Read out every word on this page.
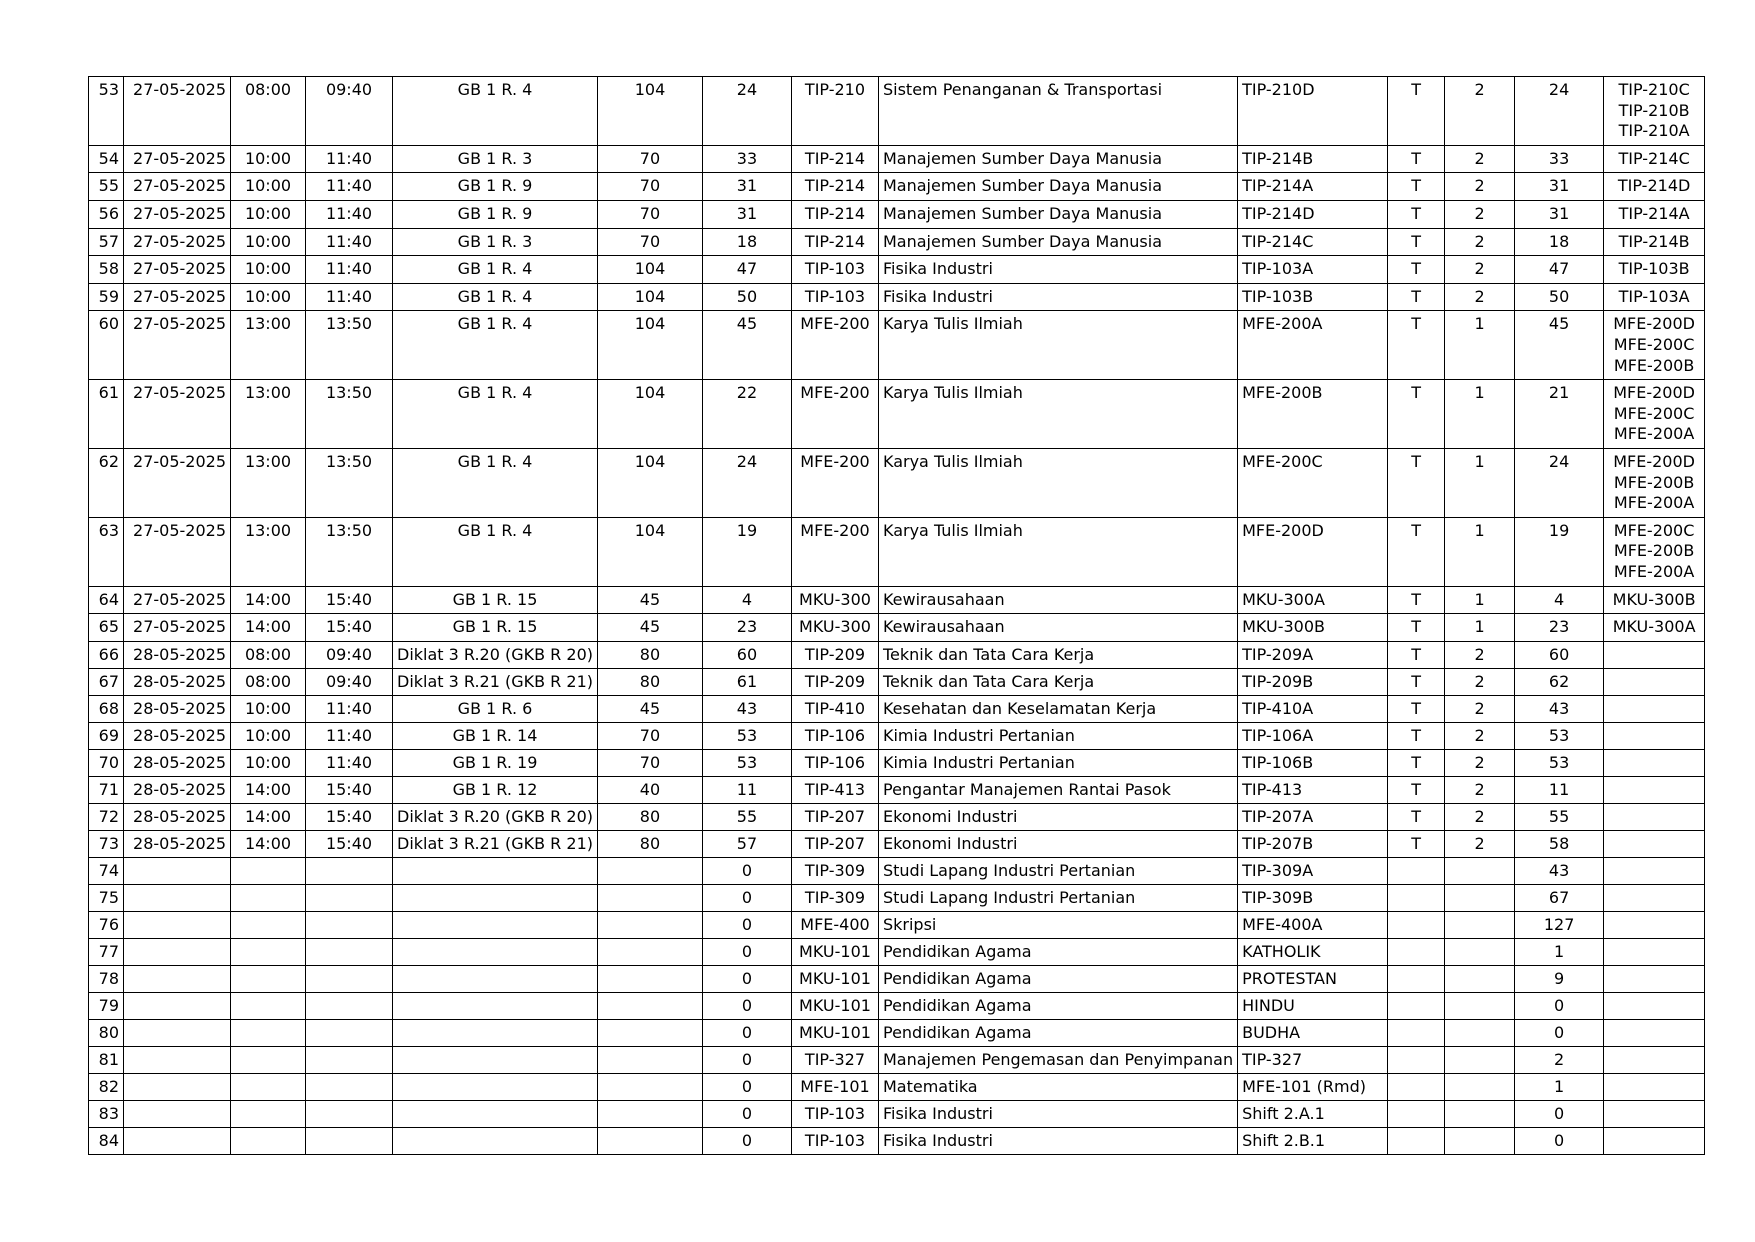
53	27-05-2025	08:00	09:40	GB 1 R. 4	104	24	TIP-210	Sistem Penanganan & Transportasi	TIP-210D	T	2	24	TIP-210C
TIP-210B
TIP-210A

54	27-05-2025	10:00	11:40	GB 1 R. 3	70	33	TIP-214	Manajemen Sumber Daya Manusia	TIP-214B	T	2	33	TIP-214C

55	27-05-2025	10:00	11:40	GB 1 R. 9	70	31	TIP-214	Manajemen Sumber Daya Manusia	TIP-214A	T	2	31	TIP-214D

56	27-05-2025	10:00	11:40	GB 1 R. 9	70	31	TIP-214	Manajemen Sumber Daya Manusia	TIP-214D	T	2	31	TIP-214A

57	27-05-2025	10:00	11:40	GB 1 R. 3	70	18	TIP-214	Manajemen Sumber Daya Manusia	TIP-214C	T	2	18	TIP-214B

58	27-05-2025	10:00	11:40	GB 1 R. 4	104	47	TIP-103	Fisika Industri	TIP-103A	T	2	47	TIP-103B

59	27-05-2025	10:00	11:40	GB 1 R. 4	104	50	TIP-103	Fisika Industri	TIP-103B	T	2	50	TIP-103A

60	27-05-2025	13:00	13:50	GB 1 R. 4	104	45	MFE-200	Karya Tulis Ilmiah	MFE-200A	T	1	45	MFE-200D
MFE-200C
MFE-200B

61	27-05-2025	13:00	13:50	GB 1 R. 4	104	22	MFE-200	Karya Tulis Ilmiah	MFE-200B	T	1	21	MFE-200D
MFE-200C
MFE-200A

62	27-05-2025	13:00	13:50	GB 1 R. 4	104	24	MFE-200	Karya Tulis Ilmiah	MFE-200C	T	1	24	MFE-200D
MFE-200B
MFE-200A

63	27-05-2025	13:00	13:50	GB 1 R. 4	104	19	MFE-200	Karya Tulis Ilmiah	MFE-200D	T	1	19	MFE-200C
MFE-200B
MFE-200A

64	27-05-2025	14:00	15:40	GB 1 R. 15	45	4	MKU-300	Kewirausahaan	MKU-300A	T	1	4	MKU-300B

65	27-05-2025	14:00	15:40	GB 1 R. 15	45	23	MKU-300	Kewirausahaan	MKU-300B	T	1	23	MKU-300A

66	28-05-2025	08:00	09:40	Diklat 3 R.20 (GKB R 20)	80	60	TIP-209	Teknik dan Tata Cara Kerja	TIP-209A	T	2	60	
67	28-05-2025	08:00	09:40	Diklat 3 R.21 (GKB R 21)	80	61	TIP-209	Teknik dan Tata Cara Kerja	TIP-209B	T	2	62	
68	28-05-2025	10:00	11:40	GB 1 R. 6	45	43	TIP-410	Kesehatan dan Keselamatan Kerja	TIP-410A	T	2	43	
69	28-05-2025	10:00	11:40	GB 1 R. 14	70	53	TIP-106	Kimia Industri Pertanian	TIP-106A	T	2	53	
70	28-05-2025	10:00	11:40	GB 1 R. 19	70	53	TIP-106	Kimia Industri Pertanian	TIP-106B	T	2	53	
71	28-05-2025	14:00	15:40	GB 1 R. 12	40	11	TIP-413	Pengantar Manajemen Rantai Pasok	TIP-413	T	2	11	
72	28-05-2025	14:00	15:40	Diklat 3 R.20 (GKB R 20)	80	55	TIP-207	Ekonomi Industri	TIP-207A	T	2	55	
73	28-05-2025	14:00	15:40	Diklat 3 R.21 (GKB R 21)	80	57	TIP-207	Ekonomi Industri	TIP-207B	T	2	58	
74						0	TIP-309	Studi Lapang Industri Pertanian	TIP-309A			43	
75						0	TIP-309	Studi Lapang Industri Pertanian	TIP-309B			67	
76						0	MFE-400	Skripsi	MFE-400A			127	
77						0	MKU-101	Pendidikan Agama	KATHOLIK			1	
78						0	MKU-101	Pendidikan Agama	PROTESTAN			9	
79						0	MKU-101	Pendidikan Agama	HINDU			0	
80						0	MKU-101	Pendidikan Agama	BUDHA			0	
81						0	TIP-327	Manajemen Pengemasan dan Penyimpanan	TIP-327			2	
82						0	MFE-101	Matematika	MFE-101 (Rmd)			1	
83						0	TIP-103	Fisika Industri	Shift 2.A.1			0	
84						0	TIP-103	Fisika Industri	Shift 2.B.1			0	
